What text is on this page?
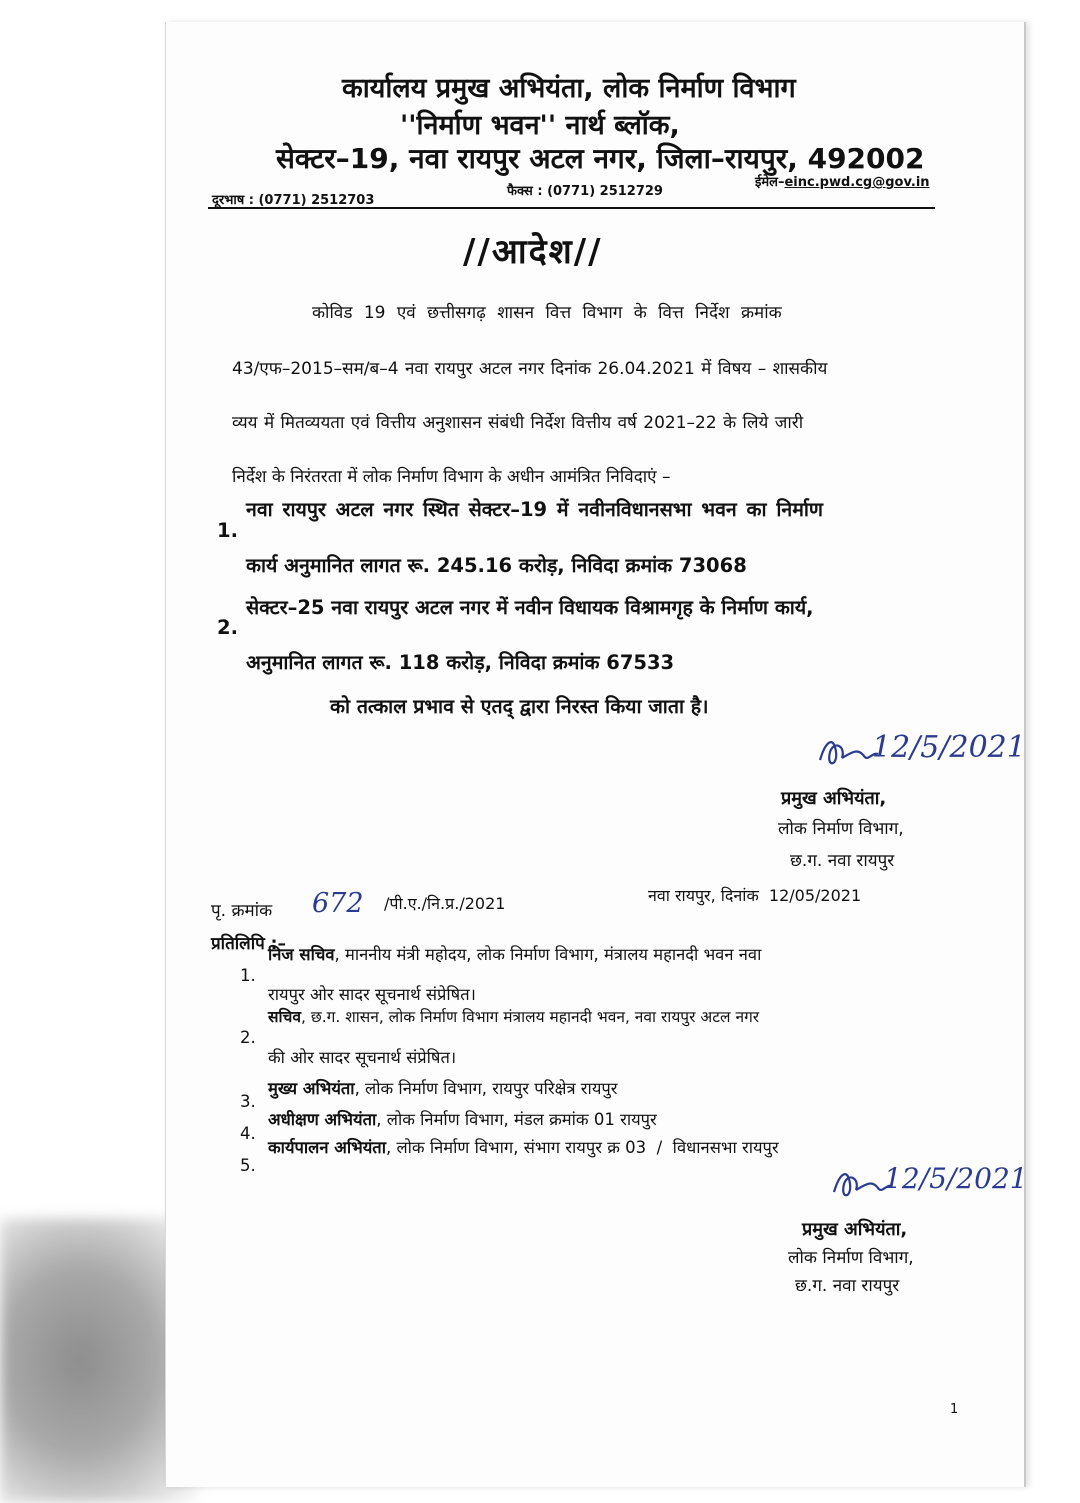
कार्यालय प्रमुख अभियंता, लोक निर्माण विभाग
''निर्माण भवन'' नार्थ ब्लॉक,
सेक्टर–19, नवा रायपुर अटल नगर, जिला–रायपुर, 492002
दूरभाष : (0771) 2512703
फैक्स : (0771) 2512729
ईमेल–einc.pwd.cg@gov.in
//आदेश//
कोविड 19 एवं छत्तीसगढ़ शासन वित्त विभाग के वित्त निर्देश क्रमांक
43/एफ–2015–सम/ब–4 नवा रायपुर अटल नगर दिनांक 26.04.2021 में विषय – शासकीय
व्यय में मितव्ययता एवं वित्तीय अनुशासन संबंधी निर्देश वित्तीय वर्ष 2021–22 के लिये जारी
निर्देश के निरंतरता में लोक निर्माण विभाग के अधीन आमंत्रित निविदाएं –
1.
नवा रायपुर अटल नगर स्थित सेक्टर–19 में नवीनविधानसभा भवन का निर्माण
कार्य अनुमानित लागत रू. 245.16 करोड़, निविदा क्रमांक 73068
2.
सेक्टर–25 नवा रायपुर अटल नगर में नवीन विधायक विश्रामगृह के निर्माण कार्य,
अनुमानित लागत रू. 118 करोड़, निविदा क्रमांक 67533
को तत्काल प्रभाव से एतद् द्वारा निरस्त किया जाता है।
12/5/2021
प्रमुख अभियंता,
लोक निर्माण विभाग,
छ.ग. नवा रायपुर
पृ. क्रमांक 672 /पी.ए./नि.प्र./2021	नवा रायपुर, दिनांक  12/05/2021
प्रतिलिपि :–
1.
निज सचिव, माननीय मंत्री महोदय, लोक निर्माण विभाग, मंत्रालय महानदी भवन नवा
रायपुर ओर सादर सूचनार्थ संप्रेषित।
2.
सचिव, छ.ग. शासन, लोक निर्माण विभाग मंत्रालय महानदी भवन, नवा रायपुर अटल नगर
की ओर सादर सूचनार्थ संप्रेषित।
3.
मुख्य अभियंता, लोक निर्माण विभाग, रायपुर परिक्षेत्र रायपुर
4.
अधीक्षण अभियंता, लोक निर्माण विभाग, मंडल क्रमांक 01 रायपुर
5.
कार्यपालन अभियंता, लोक निर्माण विभाग, संभाग रायपुर क्र 03  /  विधानसभा रायपुर
12/5/2021
प्रमुख अभियंता,
लोक निर्माण विभाग,
छ.ग. नवा रायपुर
1
